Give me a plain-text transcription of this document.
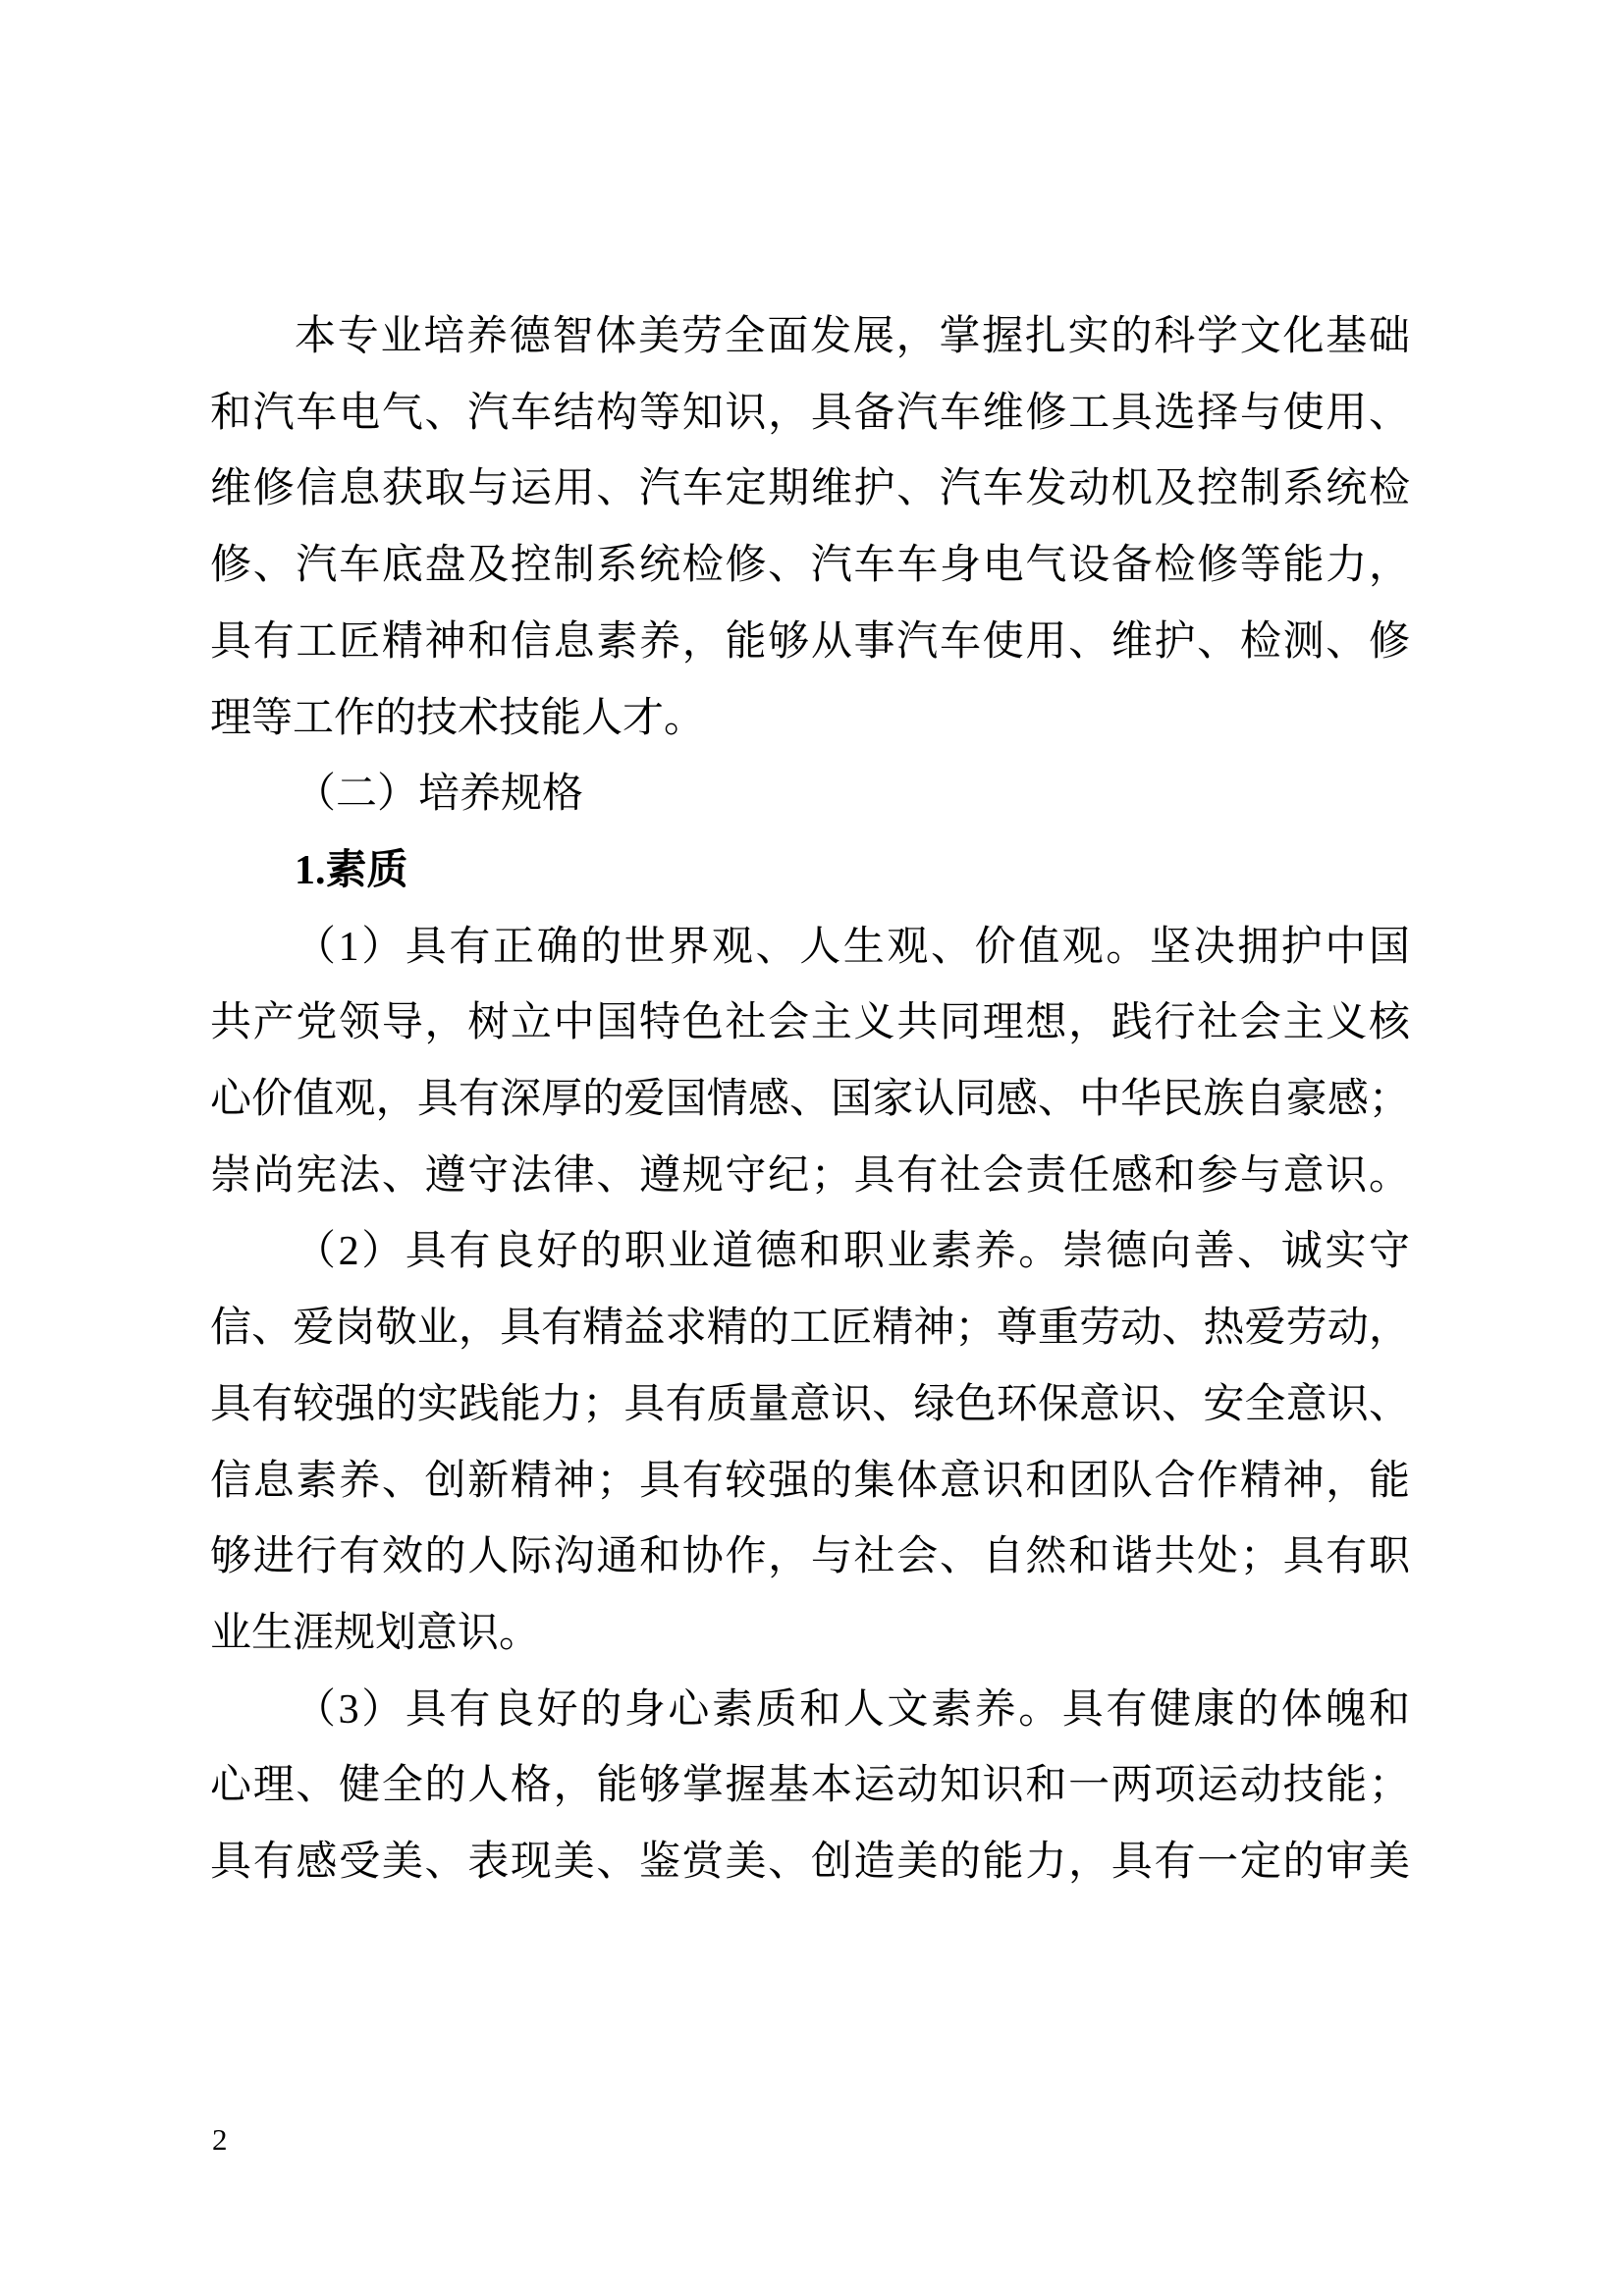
本专业培养德智体美劳全面发展，掌握扎实的科学文化基础
和汽车电气、汽车结构等知识，具备汽车维修工具选择与使用、
维修信息获取与运用、汽车定期维护、汽车发动机及控制系统检
修、汽车底盘及控制系统检修、汽车车身电气设备检修等能力，
具有工匠精神和信息素养，能够从事汽车使用、维护、检测、修
理等工作的技术技能人才。
（二）培养规格
1.素质
（1）具有正确的世界观、人生观、价值观。坚决拥护中国
共产党领导，树立中国特色社会主义共同理想，践行社会主义核
心价值观，具有深厚的爱国情感、国家认同感、中华民族自豪感；
崇尚宪法、遵守法律、遵规守纪；具有社会责任感和参与意识。
（2）具有良好的职业道德和职业素养。崇德向善、诚实守
信、爱岗敬业，具有精益求精的工匠精神；尊重劳动、热爱劳动，
具有较强的实践能力；具有质量意识、绿色环保意识、安全意识、
信息素养、创新精神；具有较强的集体意识和团队合作精神，能
够进行有效的人际沟通和协作，与社会、自然和谐共处；具有职
业生涯规划意识。
（3）具有良好的身心素质和人文素养。具有健康的体魄和
心理、健全的人格，能够掌握基本运动知识和一两项运动技能；
具有感受美、表现美、鉴赏美、创造美的能力，具有一定的审美
2
